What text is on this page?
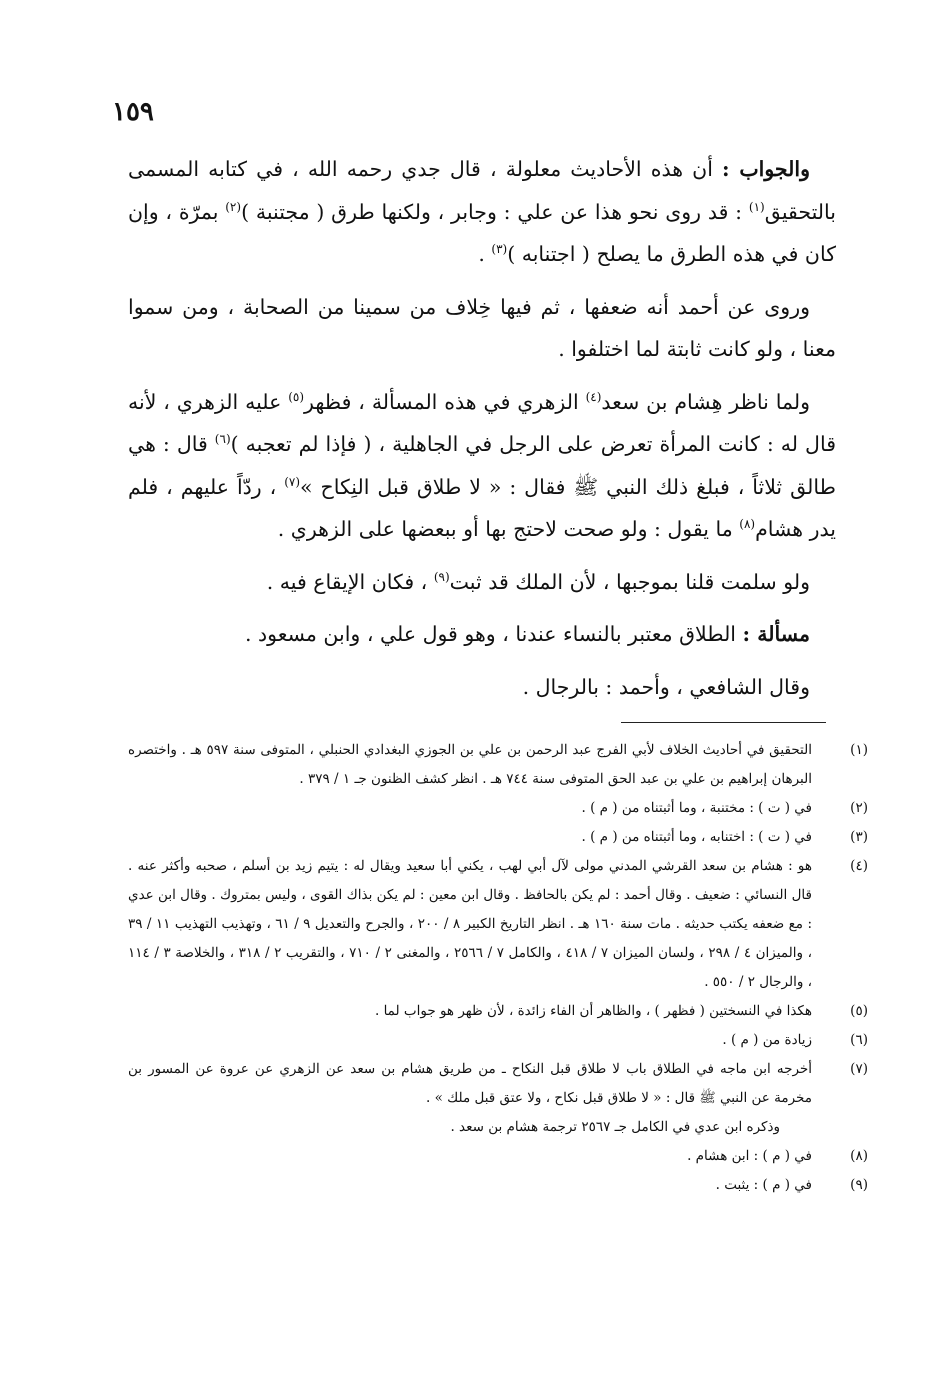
١٥٩

والجواب : أن هذه الأحاديث معلولة ، قال جدي رحمه الله ، في كتابه المسمى بالتحقيق$^{(١)}$ : قد روى نحو هذا عن علي : وجابر ، ولكنها طرق ( مجتنبة )$^{(٢)}$ بمرّة ، وإن كان في هذه الطرق ما يصلح ( اجتنابه )$^{(٣)}$ .

وروى عن أحمد أنه ضعفها ، ثم فيها خِلاف من سمينا من الصحابة ، ومن سموا معنا ، ولو كانت ثابتة لما اختلفوا .

ولما ناظر هِشام بن سعد$^{(٤)}$ الزهري في هذه المسألة ، فظهر$^{(٥)}$ عليه الزهري ، لأنه قال له : كانت المرأة تعرض على الرجل في الجاهلية ، ( فإذا لم تعجبه )$^{(٦)}$ قال : هي طالق ثلاثاً ، فبلغ ذلك النبي ﷺ فقال : « لا طلاق قبل النِكاح »$^{(٧)}$ ، ردّاً عليهم ، فلم يدر هشام$^{(٨)}$ ما يقول : ولو صحت لاحتج بها أو ببعضها على الزهري .

ولو سلمت قلنا بموجبها ، لأن الملك قد ثبت$^{(٩)}$ ، فكان الإيقاع فيه .

مسألة : الطلاق معتبر بالنساء عندنا ، وهو قول علي ، وابن مسعود .

وقال الشافعي ، وأحمد : بالرجال .

(١)التحقيق في أحاديث الخلاف لأبي الفرج عبد الرحمن بن علي بن الجوزي البغدادي الحنبلي ، المتوفى سنة ٥٩٧ هـ . واختصره البرهان إبراهيم بن علي بن عبد الحق المتوفى سنة ٧٤٤ هـ . انظر كشف الظنون جـ ١ / ٣٧٩ .

(٢)في ( ت ) : مختنبة ، وما أثبتناه من ( م ) .

(٣)في ( ت ) : اختنابه ، وما أثبتناه من ( م ) .

(٤)هو : هشام بن سعد القرشي المدني مولى لآل أبي لهب ، يكني أبا سعيد ويقال له : يتيم زيد بن أسلم ، صحبه وأكثر عنه . قال النسائي : ضعيف . وقال أحمد : لم يكن بالحافظ . وقال ابن معين : لم يكن بذاك القوى ، وليس بمتروك . وقال ابن عدي : مع ضعفه يكتب حديثه . مات سنة ١٦٠ هـ . انظر التاريخ الكبير ٨ / ٢٠٠ ، والجرح والتعديل ٩ / ٦١ ، وتهذيب التهذيب ١١ / ٣٩ ، والميزان ٤ / ٢٩٨ ، ولسان الميزان ٧ / ٤١٨ ، والكامل ٧ / ٢٥٦٦ ، والمغنى ٢ / ٧١٠ ، والتقريب ٢ / ٣١٨ ، والخلاصة ٣ / ١١٤ ، والرجال ٢ / ٥٥٠ .

(٥)هكذا في النسختين ( فظهر ) ، والظاهر أن الفاء زائدة ، لأن ظهر هو جواب لما .

(٦)زيادة من ( م ) .

(٧)أخرجه ابن ماجه في الطلاق باب لا طلاق قبل النكاح ـ من طريق هشام بن سعد عن الزهري عن عروة عن المسور بن مخرمة عن النبي ﷺ قال : « لا طلاق قبل نكاح ، ولا عتق قبل ملك » .

وذكره ابن عدي في الكامل جـ ٢٥٦٧ ترجمة هشام بن سعد .

(٨)في ( م ) : ابن هشام .

(٩)في ( م ) : يثبت .
